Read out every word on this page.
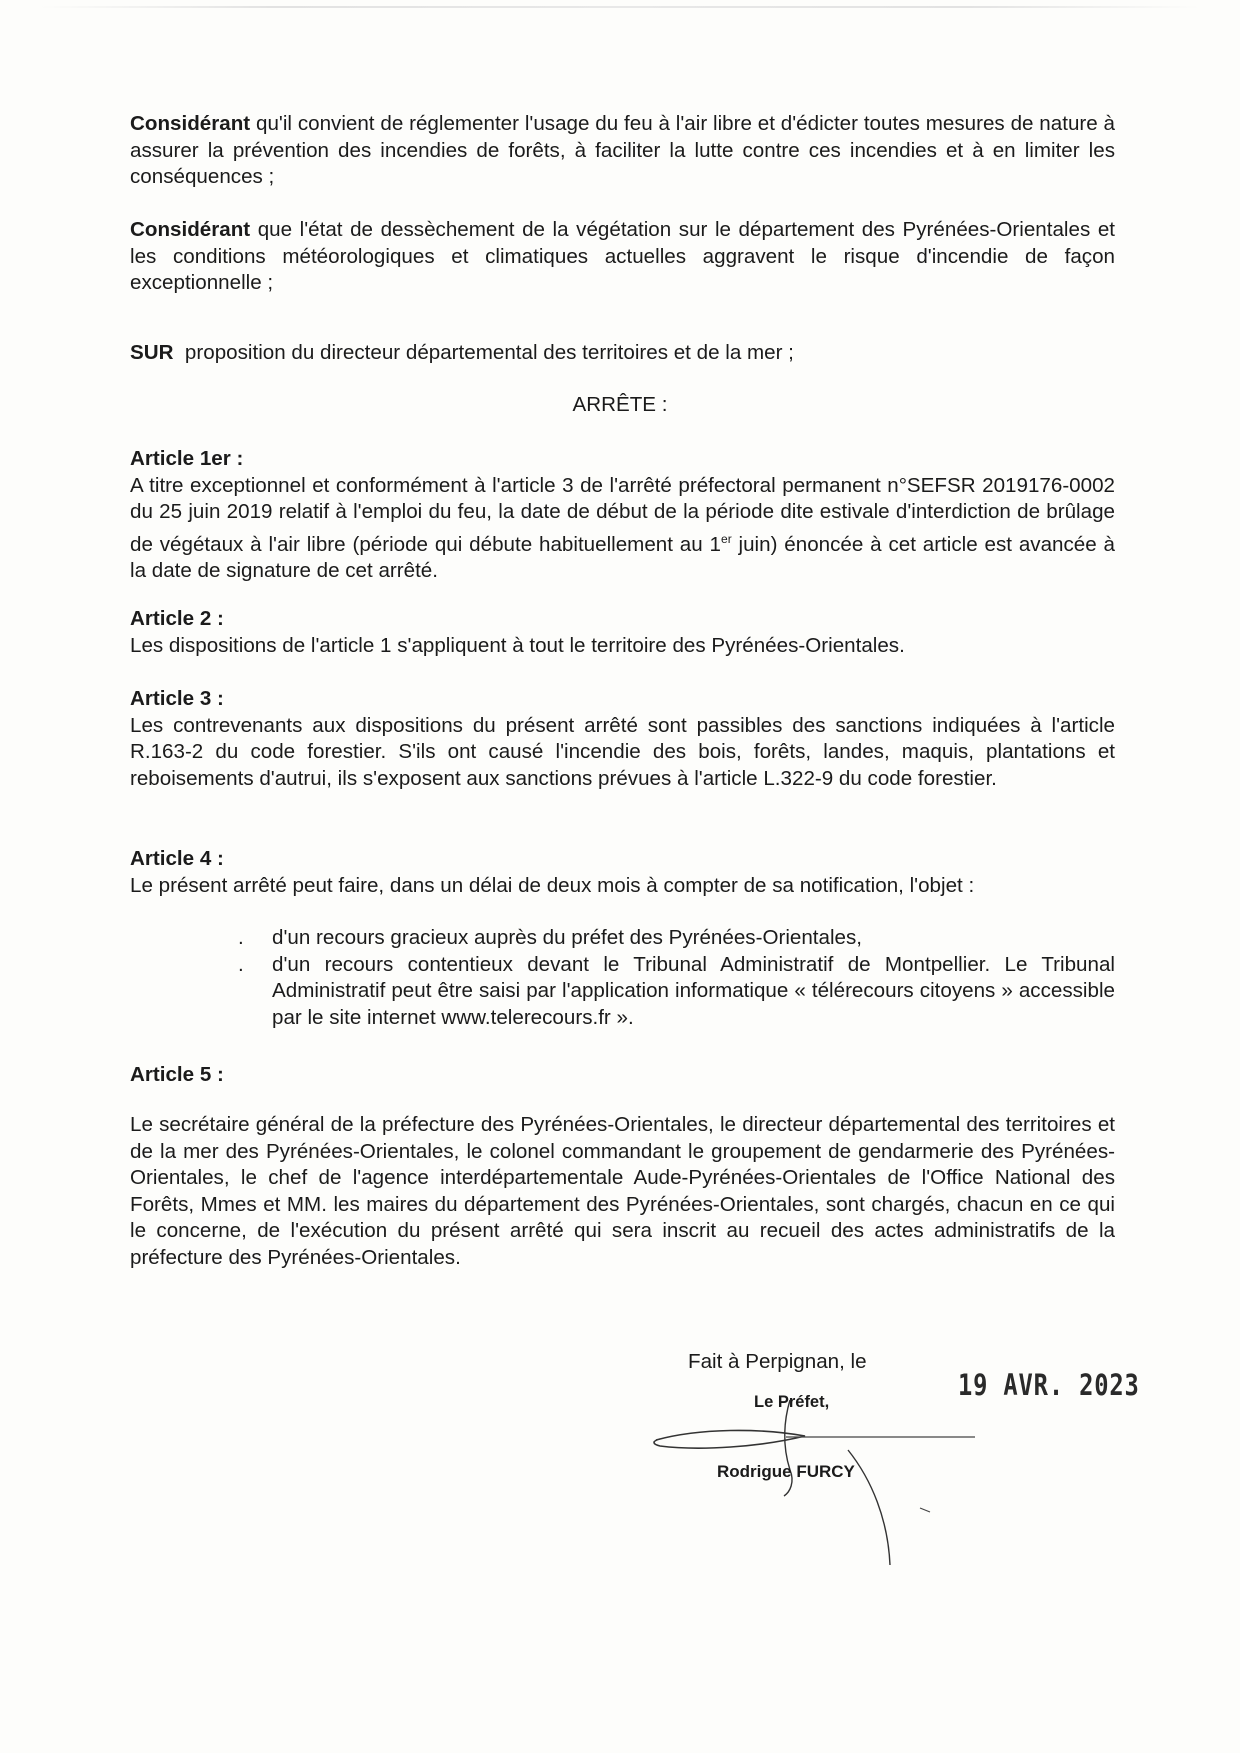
Considérant qu'il convient de réglementer l'usage du feu à l'air libre et d'édicter toutes mesures de nature à assurer la prévention des incendies de forêts, à faciliter la lutte contre ces incendies et à en limiter les conséquences ;
Considérant que l'état de dessèchement de la végétation sur le département des Pyrénées-Orientales et les conditions météorologiques et climatiques actuelles aggravent le risque d'incendie de façon exceptionnelle ;
SUR  proposition du directeur départemental des territoires et de la mer ;
ARRÊTE :
Article 1er :
A titre exceptionnel et conformément à l'article 3 de l'arrêté préfectoral permanent n°SEFSR 2019176-0002 du 25 juin 2019 relatif à l'emploi du feu, la date de début de la période dite estivale d'interdiction de brûlage de végétaux à l'air libre (période qui débute habituellement au 1er juin) énoncée à cet article est avancée à la date de signature de cet arrêté.
Article 2 :
Les dispositions de l'article 1 s'appliquent à tout le territoire des Pyrénées-Orientales.
Article 3 :
Les contrevenants aux dispositions du présent arrêté sont passibles des sanctions indiquées à l'article R.163-2 du code forestier. S'ils ont causé l'incendie des bois, forêts, landes, maquis, plantations et reboisements d'autrui, ils s'exposent aux sanctions prévues à l'article L.322-9 du code forestier.
Article 4 :
Le présent arrêté peut faire, dans un délai de deux mois à compter de sa notification, l'objet :
. d'un recours gracieux auprès du préfet des Pyrénées-Orientales,
. d'un recours contentieux devant le Tribunal Administratif de Montpellier. Le Tribunal Administratif peut être saisi par l'application informatique « télérecours citoyens » accessible par le site internet www.telerecours.fr ».
Article 5 :
Le secrétaire général de la préfecture des Pyrénées-Orientales, le directeur départemental des territoires et de la mer des Pyrénées-Orientales, le colonel commandant le groupement de gendarmerie des Pyrénées-Orientales, le chef de l'agence interdépartementale Aude-Pyrénées-Orientales de l'Office National des Forêts, Mmes et MM. les maires du département des Pyrénées-Orientales, sont chargés, chacun en ce qui le concerne, de l'exécution du présent arrêté qui sera inscrit au recueil des actes administratifs de la préfecture des Pyrénées-Orientales.
Fait à Perpignan, le
19 AVR. 2023
Le Préfet,
Rodrigue FURCY
